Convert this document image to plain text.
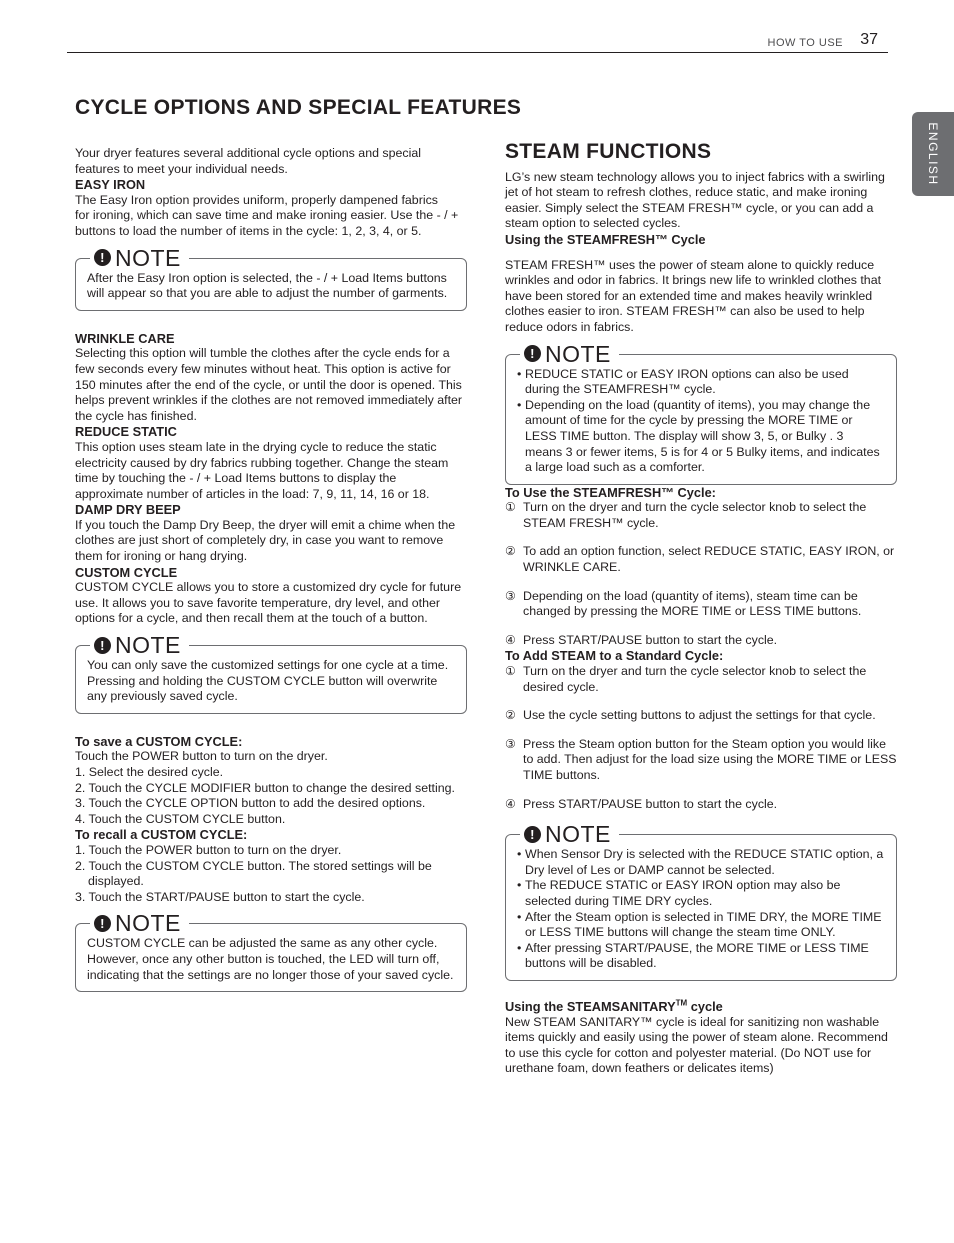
HOW TO USE 37
ENGLISH
CYCLE OPTIONS AND SPECIAL FEATURES

Your dryer features several additional cycle options and special features to meet your individual needs.

EASY IRON

The Easy Iron option provides uniform, properly dampened fabrics

for ironing, which can save time and make ironing easier. Use the - / + buttons to load the number of items in the cycle: 1, 2, 3, 4, or 5.

! NOTE

After the Easy Iron option is selected, the - / + Load Items buttons will appear so that you are able to adjust the number of garments.

WRINKLE CARE

Selecting this option will tumble the clothes after the cycle ends for a few seconds every few minutes without heat. This option is active for 150 minutes after the end of the cycle, or until the door is opened. This helps prevent wrinkles if the clothes are not removed immediately after the cycle has finished.

REDUCE STATIC

This option uses steam late in the drying cycle to reduce the static electricity caused by dry fabrics rubbing together. Change the steam time by touching the - / + Load Items buttons to display the approximate number of articles in the load: 7, 9, 11, 14, 16 or 18.

DAMP DRY BEEP

If you touch the Damp Dry Beep, the dryer will emit a chime when the clothes are just short of completely dry, in case you want to remove them for ironing or hang drying.

CUSTOM CYCLE

CUSTOM CYCLE allows you to store a customized dry cycle for future use. It allows you to save favorite temperature, dry level, and other options for a cycle, and then recall them at the touch of a button.

! NOTE

You can only save the customized settings for one cycle at a time. Pressing and holding the CUSTOM CYCLE button will overwrite any previously saved cycle.

To save a CUSTOM CYCLE:

Touch the POWER button to turn on the dryer.

1. Select the desired cycle.
2. Touch the CYCLE MODIFIER button to change the desired setting.
3. Touch the CYCLE OPTION button to add the desired options.
4. Touch the CUSTOM CYCLE button.

To recall a CUSTOM CYCLE:

1. Touch the POWER button to turn on the dryer.
2. Touch the CUSTOM CYCLE button. The stored settings will be displayed.
3. Touch the START/PAUSE button to start the cycle.
! NOTE

CUSTOM CYCLE can be adjusted the same as any other cycle. However, once any other button is touched, the LED will turn off, indicating that the settings are no longer those of your saved cycle.

STEAM FUNCTIONS

LG’s new steam technology allows you to inject fabrics with a swirling jet of hot steam to refresh clothes, reduce static, and make ironing easier. Simply select the STEAM FRESH™ cycle, or you can add a steam option to selected cycles.

Using the STEAMFRESH™ Cycle

STEAM FRESH™ uses the power of steam alone to quickly reduce wrinkles and odor in fabrics. It brings new life to wrinkled clothes that have been stored for an extended time and makes heavily wrinkled clothes easier to iron. STEAM FRESH™ can also be used to help reduce odors in fabrics.

! NOTE
• REDUCE STATIC or EASY IRON options can also be used during the STEAMFRESH™ cycle.
• Depending on the load (quantity of items), you may change the amount of time for the cycle by pressing the MORE TIME or LESS TIME button. The display will show 3, 5, or Bulky . 3 means 3 or fewer items, 5 is for 4 or 5 Bulky items, and indicates a large load such as a comforter.

To Use the STEAMFRESH™ Cycle:

① Turn on the dryer and turn the cycle selector knob to select the STEAM FRESH™ cycle.
② To add an option function, select REDUCE STATIC, EASY IRON, or WRINKLE CARE.
③ Depending on the load (quantity of items), steam time can be changed by pressing the MORE TIME or LESS TIME buttons.
④ Press START/PAUSE button to start the cycle.

To Add STEAM to a Standard Cycle:

① Turn on the dryer and turn the cycle selector knob to select the desired cycle.
② Use the cycle setting buttons to adjust the settings for that cycle.
③ Press the Steam option button for the Steam option you would like to add. Then adjust for the load size using the MORE TIME or LESS TIME buttons.
④ Press START/PAUSE button to start the cycle.
! NOTE
• When Sensor Dry is selected with the REDUCE STATIC option, a Dry level of Les or DAMP cannot be selected.
• The REDUCE STATIC or EASY IRON option may also be selected during TIME DRY cycles.
• After the Steam option is selected in TIME DRY, the MORE TIME or LESS TIME buttons will change the steam time ONLY.
• After pressing START/PAUSE, the MORE TIME or LESS TIME buttons will be disabled.

Using the STEAMSANITARY™ cycle

New STEAM SANITARY™ cycle is ideal for sanitizing non washable items quickly and easily using the power of steam alone. Recommend to use this cycle for cotton and polyester material. (Do NOT use for urethane foam, down feathers or delicates items)
